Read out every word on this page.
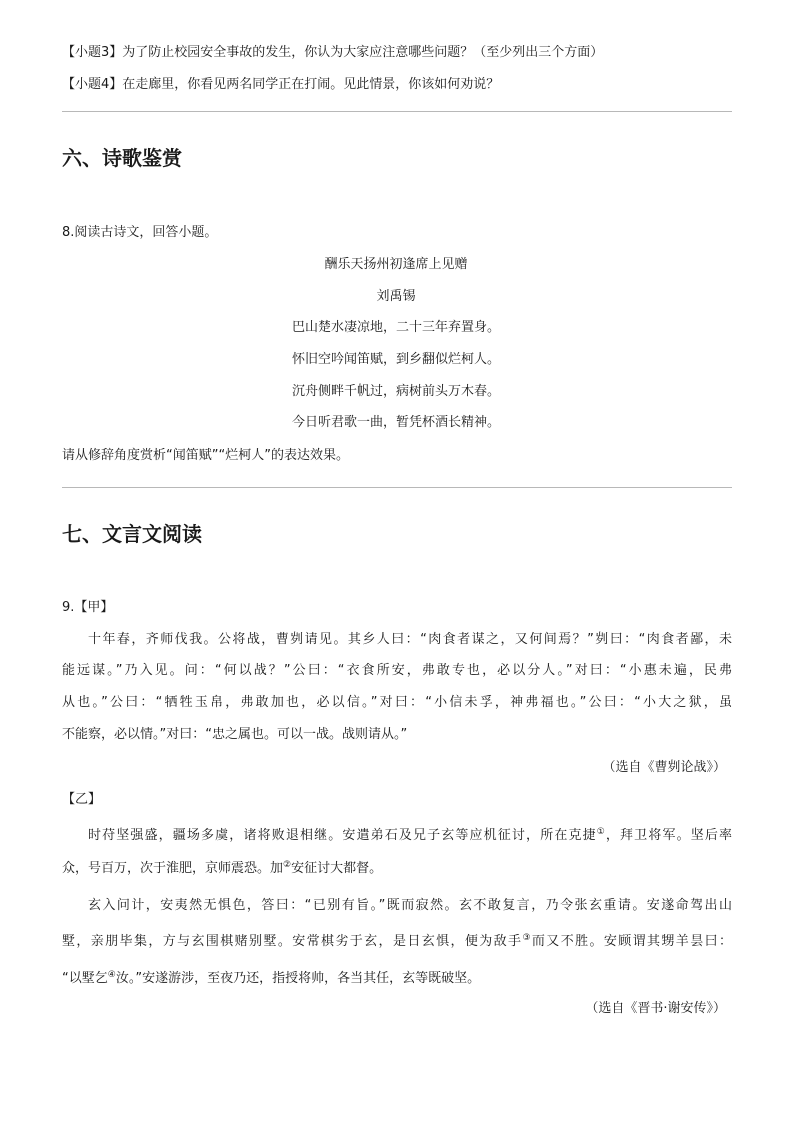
【小题3】为了防止校园安全事故的发生，你认为大家应注意哪些问题？（至少列出三个方面）
【小题4】在走廊里，你看见两名同学正在打闹。见此情景，你该如何劝说？
六、诗歌鉴赏
8.阅读古诗文，回答小题。
酬乐天扬州初逢席上见赠
刘禹锡
巴山楚水凄凉地，二十三年弃置身。
怀旧空吟闻笛赋，到乡翻似烂柯人。
沉舟侧畔千帆过，病树前头万木春。
今日听君歌一曲，暂凭杯酒长精神。
请从修辞角度赏析“闻笛赋”“烂柯人”的表达效果。
七、文言文阅读
9.【甲】
十年春，齐师伐我。公将战，曹刿请见。其乡人曰：“肉食者谋之，又何间焉？”刿曰：“肉食者鄙，未
能远谋。”乃入见。问：“何以战？”公曰：“衣食所安，弗敢专也，必以分人。”对曰：“小惠未遍，民弗
从也。”公曰：“牺牲玉帛，弗敢加也，必以信。”对曰：“小信未孚，神弗福也。”公曰：“小大之狱，虽
不能察，必以情。”对曰：“忠之属也。可以一战。战则请从。”
（选自《曹刿论战》）
【乙】
时苻坚强盛，疆场多虞，诸将败退相继。安遣弟石及兄子玄等应机征讨，所在克捷①，拜卫将军。坚后率
众，号百万，次于淮肥，京师震恐。加②安征讨大都督。
玄入问计，安夷然无惧色，答曰：“已别有旨。”既而寂然。玄不敢复言，乃令张玄重请。安遂命驾出山
墅，亲朋毕集，方与玄围棋赌别墅。安常棋劣于玄，是日玄惧，便为敌手③而又不胜。安顾谓其甥羊昙曰：
“以墅乞④汝。”安遂游涉，至夜乃还，指授将帅，各当其任，玄等既破坚。
（选自《晋书·谢安传》）
